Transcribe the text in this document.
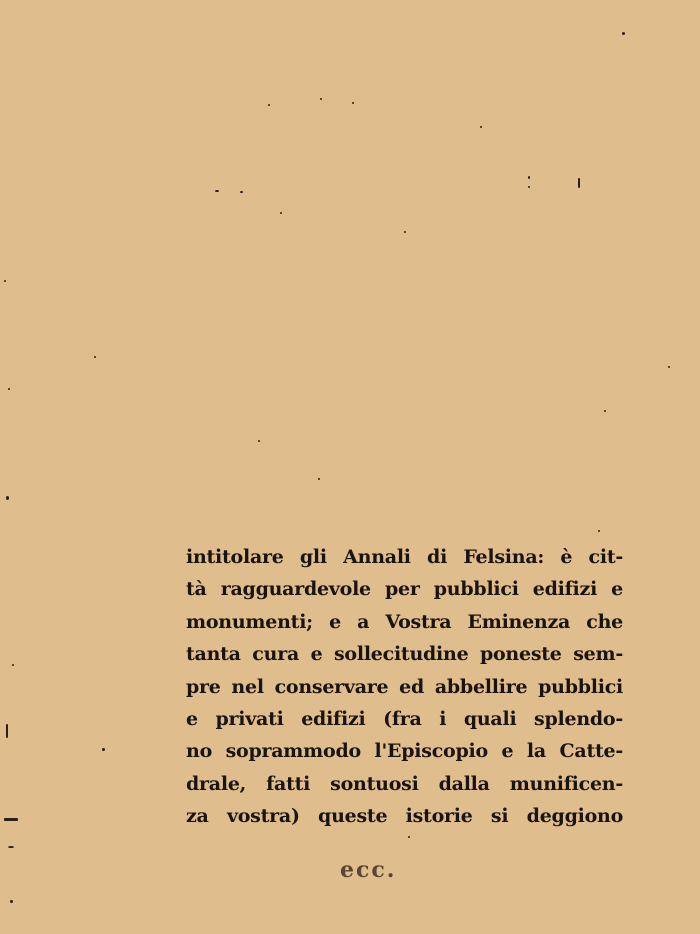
intitolare gli Annali di Felsina: è cit-
tà ragguardevole per pubblici edifizi e
monumenti; e a Vostra Eminenza che
tanta cura e sollecitudine poneste sem-
pre nel conservare ed abbellire pubblici
e privati edifizi (fra i quali splendo-
no soprammodo l'Episcopio e la Catte-
drale, fatti sontuosi dalla munificen-
za vostra) queste istorie si deggiono
ecc.
